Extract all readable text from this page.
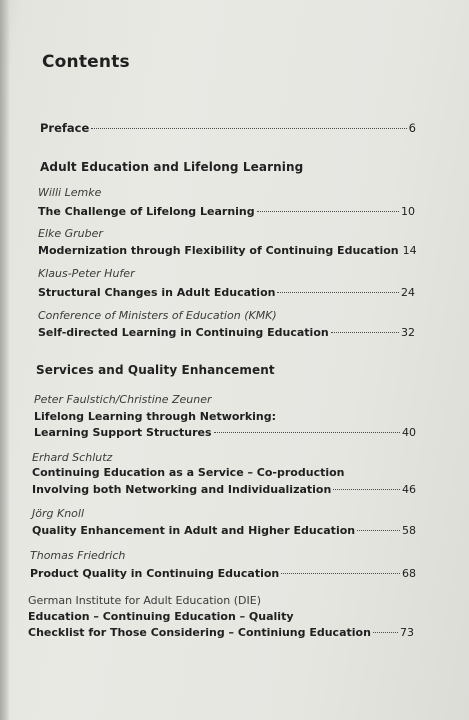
Contents
Preface	6
Adult Education and Lifelong Learning
Willi Lemke
The Challenge of Lifelong Learning	10
Elke Gruber
Modernization through Flexibility of Continuing Education 14
Klaus-Peter Hufer
Structural Changes in Adult Education	24
Conference of Ministers of Education (KMK)
Self-directed Learning in Continuing Education	32
Services and Quality Enhancement
Peter Faulstich/Christine Zeuner
Lifelong Learning through Networking:
Learning Support Structures	40
Erhard Schlutz
Continuing Education as a Service – Co-production
Involving both Networking and Individualization	46
Jörg Knoll
Quality Enhancement in Adult and Higher Education	58
Thomas Friedrich
Product Quality in Continuing Education	68
German Institute for Adult Education (DIE)
Education – Continuing Education – Quality
Checklist for Those Considering – Continiung Education	73
